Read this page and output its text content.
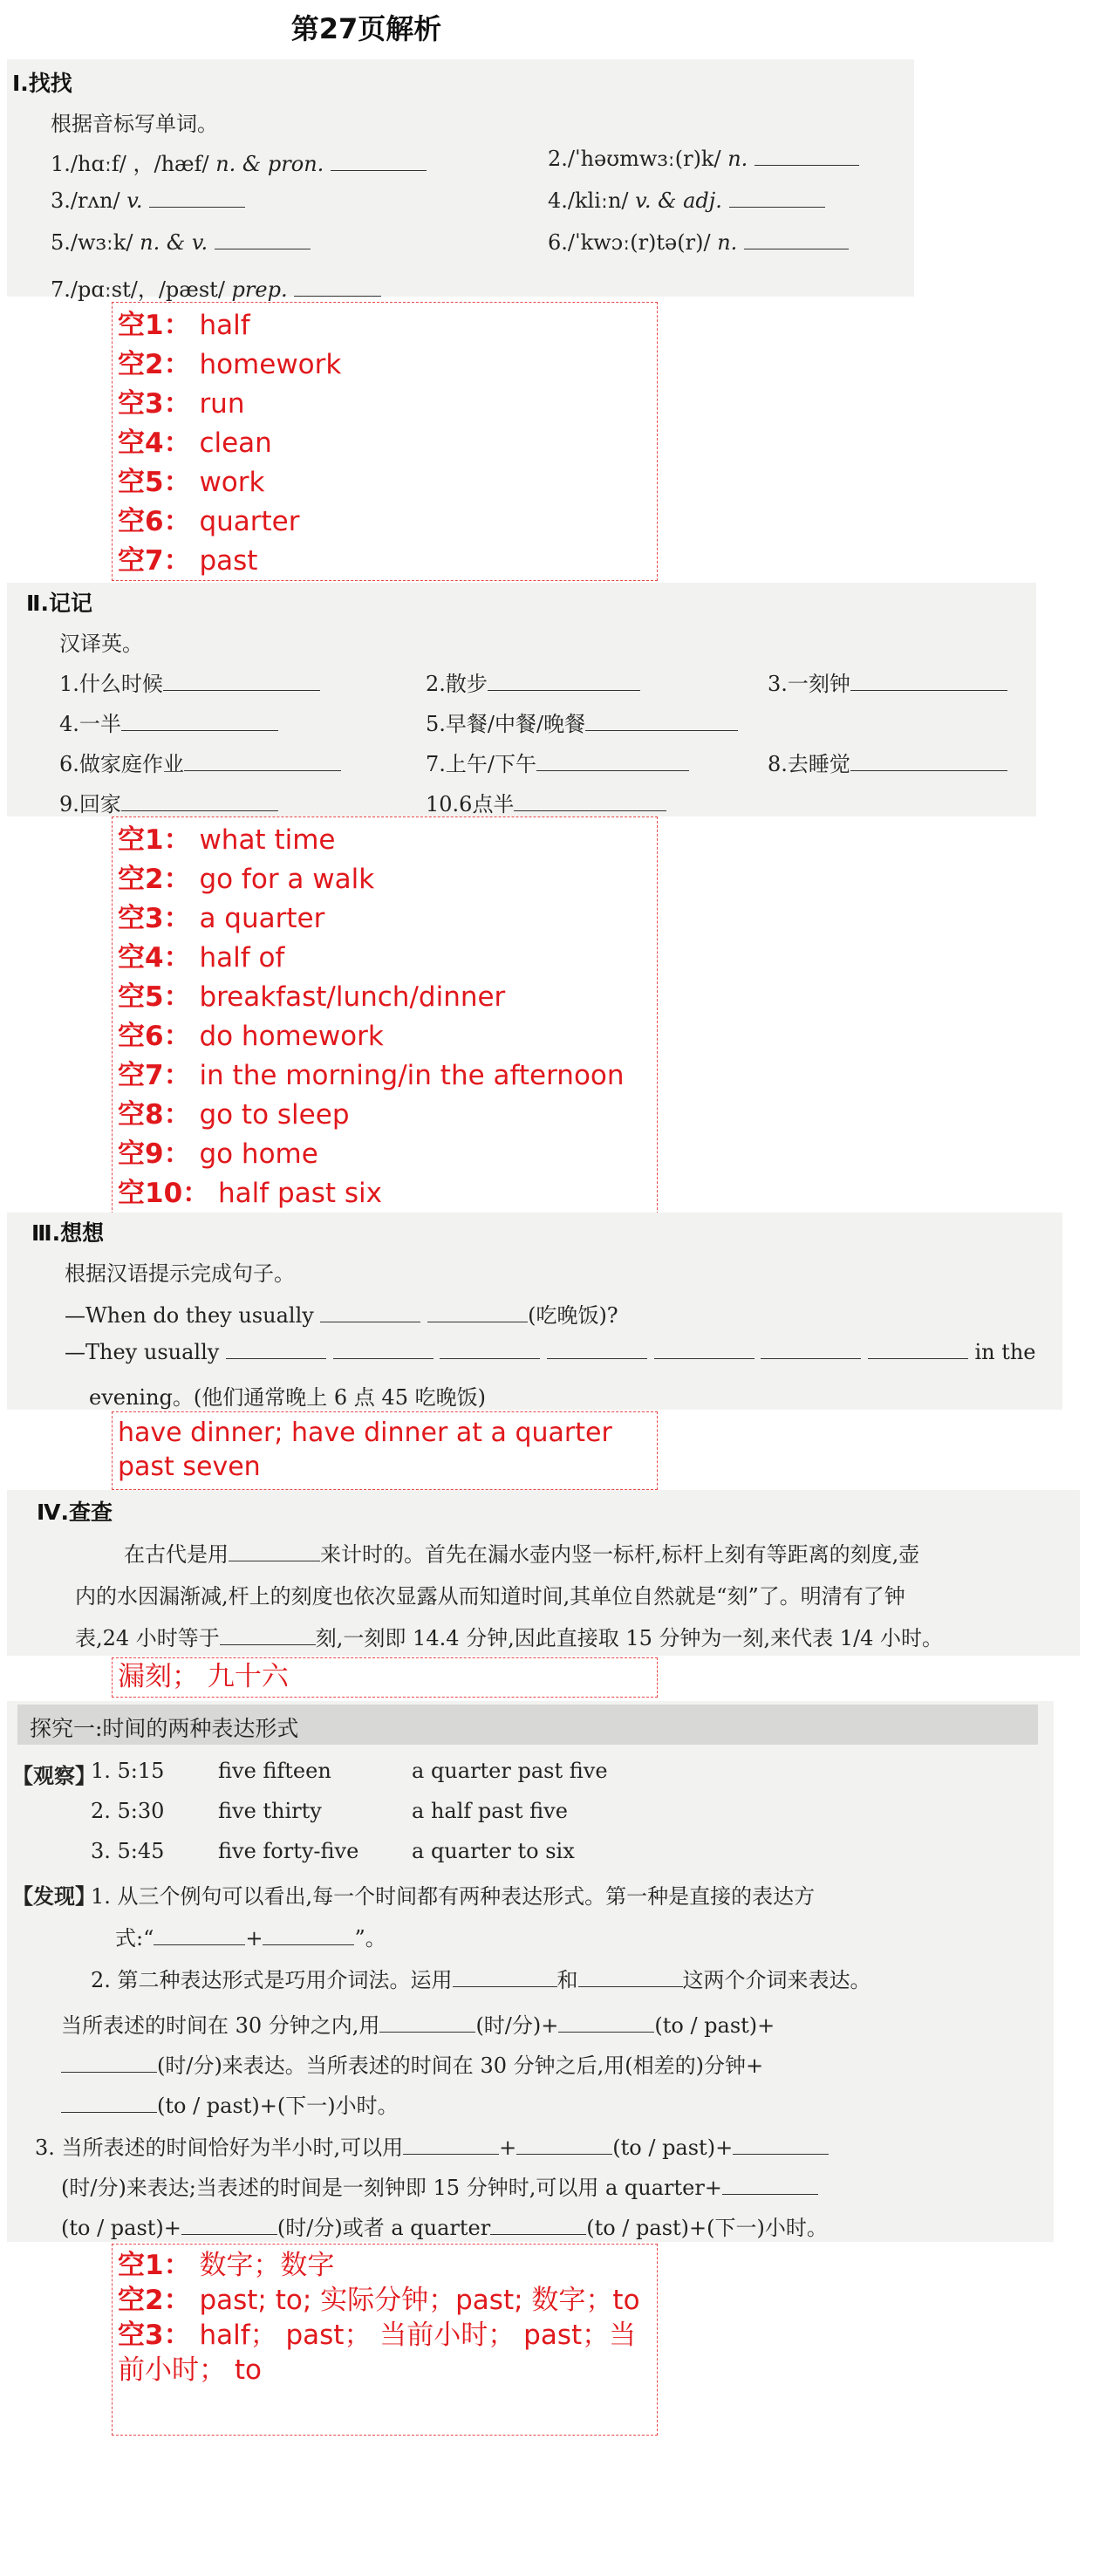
第27页解析
Ⅰ.找找
根据音标写单词。
1./hɑːf/ ，/hæf/ n. & pron.	2./ˈhəʊmwɜː(r)k/ n.
3./rʌn/ v.	4./kliːn/ v. & adj.
5./wɜːk/ n. & v.	6./ˈkwɔː(r)tə(r)/ n.
7./pɑːst/，/pæst/ prep.
空1： half
空2： homework
空3： run
空4： clean
空5： work
空6： quarter
空7： past
Ⅱ.记记
汉译英。
1.什么时候	2.散步	3.一刻钟
4.一半	5.早餐/中餐/晚餐
6.做家庭作业	7.上午/下午	8.去睡觉
9.回家	10.6点半
空1： what time
空2： go for a walk
空3： a quarter
空4： half of
空5： breakfast/lunch/dinner
空6： do homework
空7： in the morning/in the afternoon
空8： go to sleep
空9： go home
空10： half past six
Ⅲ.想想
根据汉语提示完成句子。
—When do they usually	(吃晚饭)?
—They usually	in the
evening。(他们通常晚上 6 点 45 吃晚饭)
have dinner; have dinner at a quarter past seven
Ⅳ.查查
在古代是用	来计时的。首先在漏水壶内竖一标杆,标杆上刻有等距离的刻度,壶
内的水因漏渐减,杆上的刻度也依次显露从而知道时间,其单位自然就是“刻”了。明清有了钟
表,24 小时等于	刻,一刻即 14.4 分钟,因此直接取 15 分钟为一刻,来代表 1/4 小时。
漏刻； 九十六
探究一:时间的两种表达形式
【观察】
1. 5:15	five fifteen	a quarter past five
2. 5:30	five thirty	a half past five
3. 5:45	five forty-five	a quarter to six
【发现】
1. 从三个例句可以看出,每一个时间都有两种表达形式。第一种是直接的表达方
式:“	+	”。
2. 第二种表达形式是巧用介词法。运用	和	这两个介词来表达。
当所表述的时间在 30 分钟之内,用	(时/分)+	(to / past)+
(时/分)来表达。当所表述的时间在 30 分钟之后,用(相差的)分钟+
(to / past)+(下一)小时。
3. 当所表述的时间恰好为半小时,可以用	+	(to / past)+
(时/分)来表达;当表述的时间是一刻钟即 15 分钟时,可以用 a quarter+
(to / past)+	(时/分)或者 a quarter	(to / past)+(下一)小时。
空1： 数字；数字
空2： past; to; 实际分钟；past; 数字；to
空3： half； past； 当前小时； past；当前小时； to
